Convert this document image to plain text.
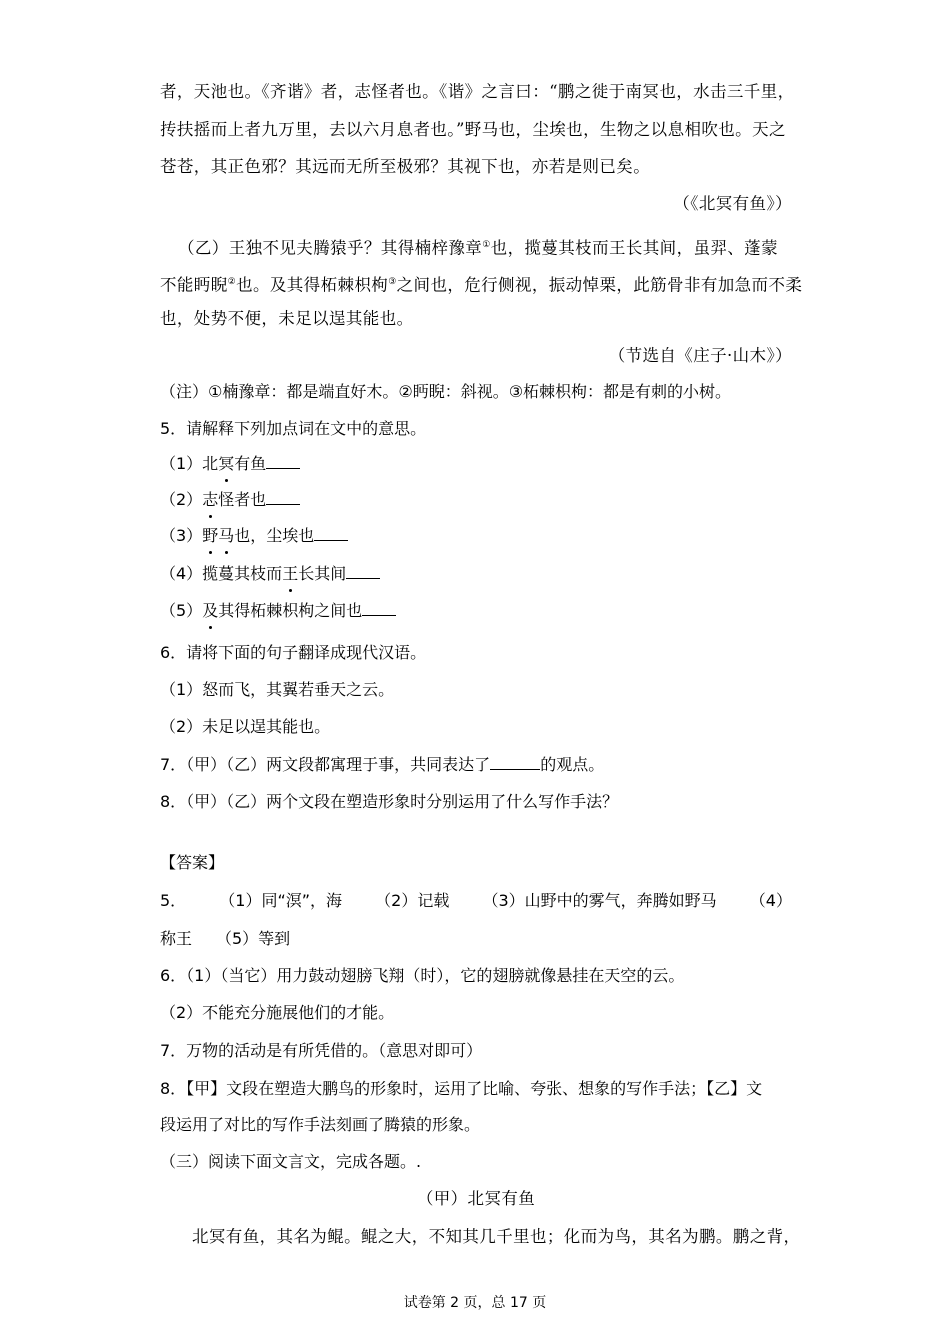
者，天池也。《齐谐》者，志怪者也。《谐》之言曰：“鹏之徙于南冥也，水击三千里，
抟扶摇而上者九万里，去以六月息者也。”野马也，尘埃也，生物之以息相吹也。天之
苍苍，其正色邪？其远而无所至极邪？其视下也，亦若是则已矣。
（《北冥有鱼》）
（乙）王独不见夫腾猿乎？其得楠梓豫章①也，揽蔓其枝而王长其间，虽羿、蓬蒙
不能眄睨②也。及其得柘棘枳枸③之间也，危行侧视，振动悼栗，此筋骨非有加急而不柔
也，处势不便，未足以逞其能也。
（节选自《庄子·山木》）
（注）①楠豫章：都是端直好木。②眄睨：斜视。③柘棘枳枸：都是有刺的小树。
5．请解释下列加点词在文中的意思。
（1）北冥有鱼
（2）志怪者也
（3）野马也，尘埃也
（4）揽蔓其枝而王长其间
（5）及其得柘棘枳枸之间也
6．请将下面的句子翻译成现代汉语。
（1）怒而飞，其翼若垂天之云。
（2）未足以逞其能也。
7．（甲）（乙）两文段都寓理于事，共同表达了	的观点。
8．（甲）（乙）两个文段在塑造形象时分别运用了什么写作手法？
【答案】
5． （1）同“溟”，海 （2）记载 （3）山野中的雾气，奔腾如野马 （4）
称王　　（5）等到
6．（1）（当它）用力鼓动翅膀飞翔（时），它的翅膀就像悬挂在天空的云。
（2）不能充分施展他们的才能。
7．万物的活动是有所凭借的。（意思对即可）
8．【甲】文段在塑造大鹏鸟的形象时，运用了比喻、夸张、想象的写作手法；【乙】文
段运用了对比的写作手法刻画了腾猿的形象。
（三）阅读下面文言文，完成各题。.
（甲）北冥有鱼
北冥有鱼，其名为鲲。鲲之大，不知其几千里也；化而为鸟，其名为鹏。鹏之背，
试卷第 2 页，总 17 页
